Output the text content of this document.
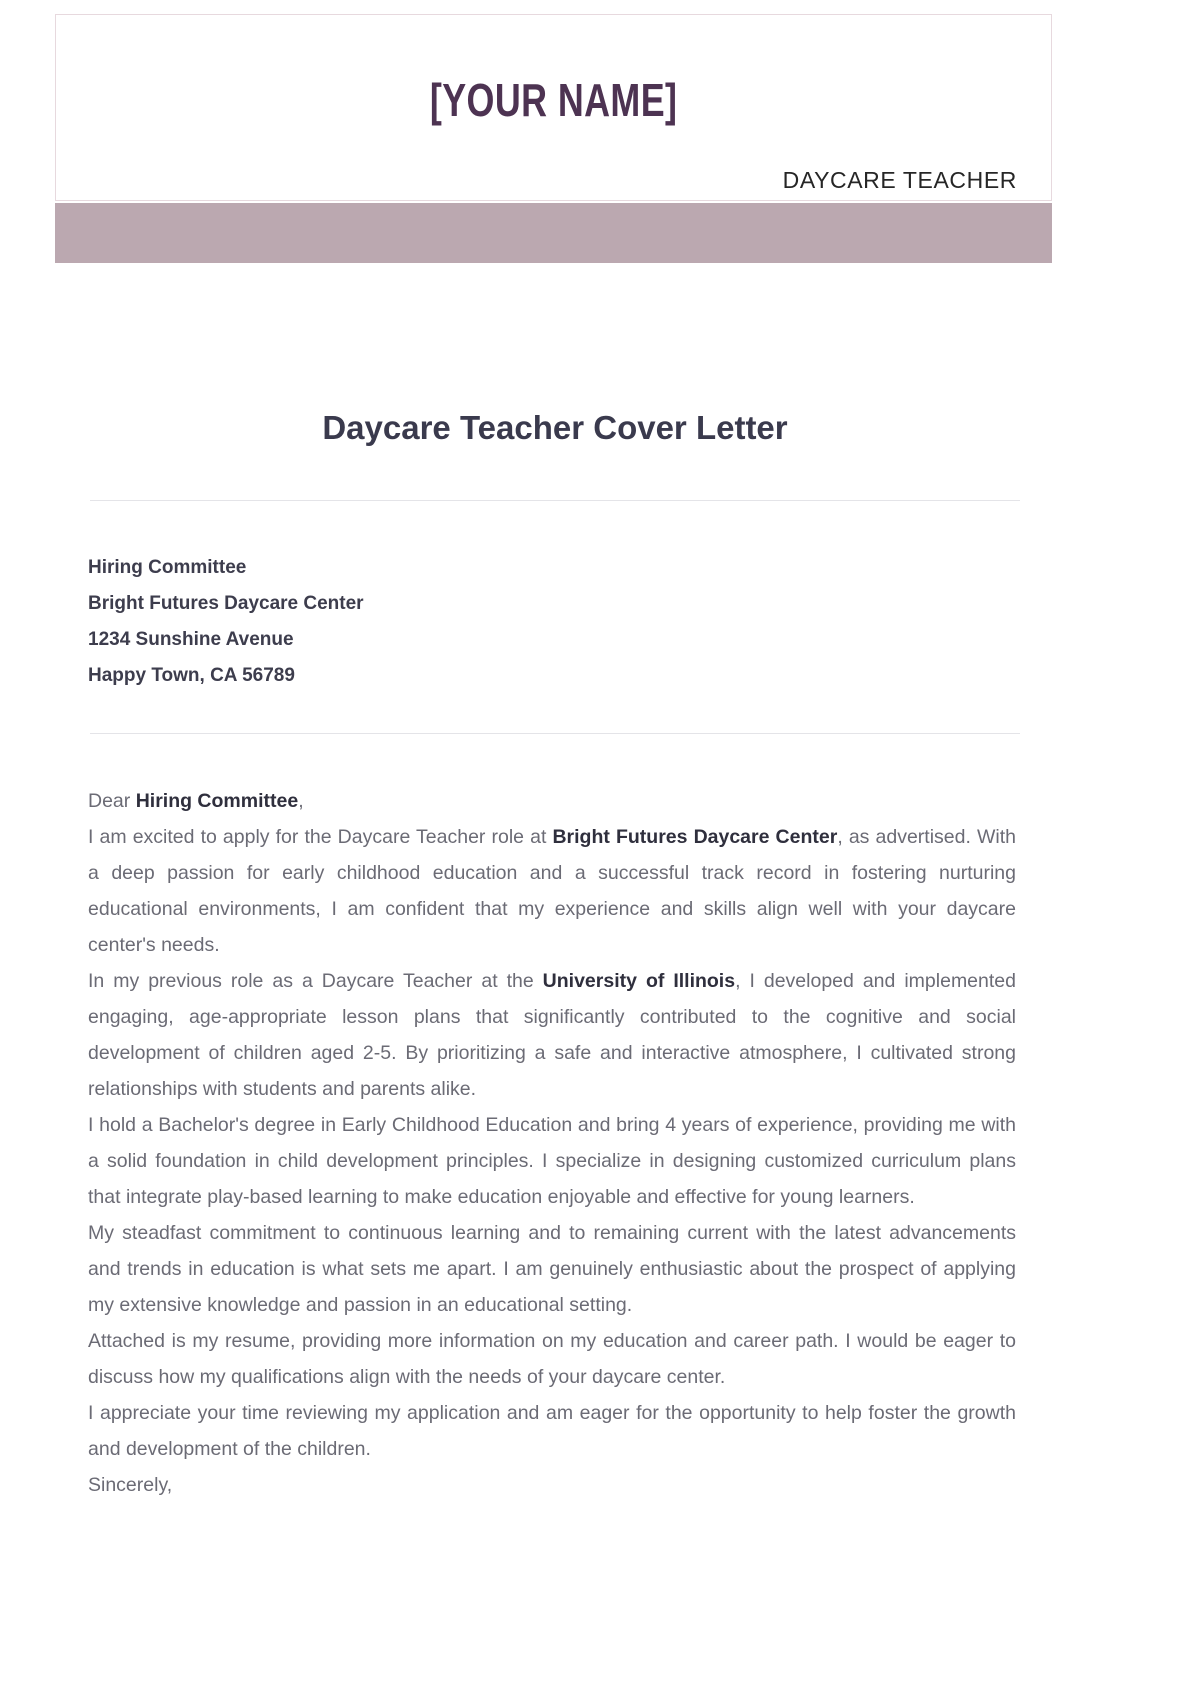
[YOUR NAME]
DAYCARE TEACHER
Daycare Teacher Cover Letter
Hiring Committee
Bright Futures Daycare Center
1234 Sunshine Avenue
Happy Town, CA 56789

Dear Hiring Committee,

I am excited to apply for the Daycare Teacher role at Bright Futures Daycare Center, as advertised. With a deep passion for early childhood education and a successful track record in fostering nurturing educational environments, I am confident that my experience and skills align well with your daycare center's needs.

In my previous role as a Daycare Teacher at the University of Illinois, I developed and implemented engaging, age-appropriate lesson plans that significantly contributed to the cognitive and social development of children aged 2-5. By prioritizing a safe and interactive atmosphere, I cultivated strong relationships with students and parents alike.

I hold a Bachelor's degree in Early Childhood Education and bring 4 years of experience, providing me with a solid foundation in child development principles. I specialize in designing customized curriculum plans that integrate play-based learning to make education enjoyable and effective for young learners.

My steadfast commitment to continuous learning and to remaining current with the latest advancements and trends in education is what sets me apart. I am genuinely enthusiastic about the prospect of applying my extensive knowledge and passion in an educational setting.

Attached is my resume, providing more information on my education and career path. I would be eager to discuss how my qualifications align with the needs of your daycare center.

I appreciate your time reviewing my application and am eager for the opportunity to help foster the growth and development of the children.

Sincerely,
